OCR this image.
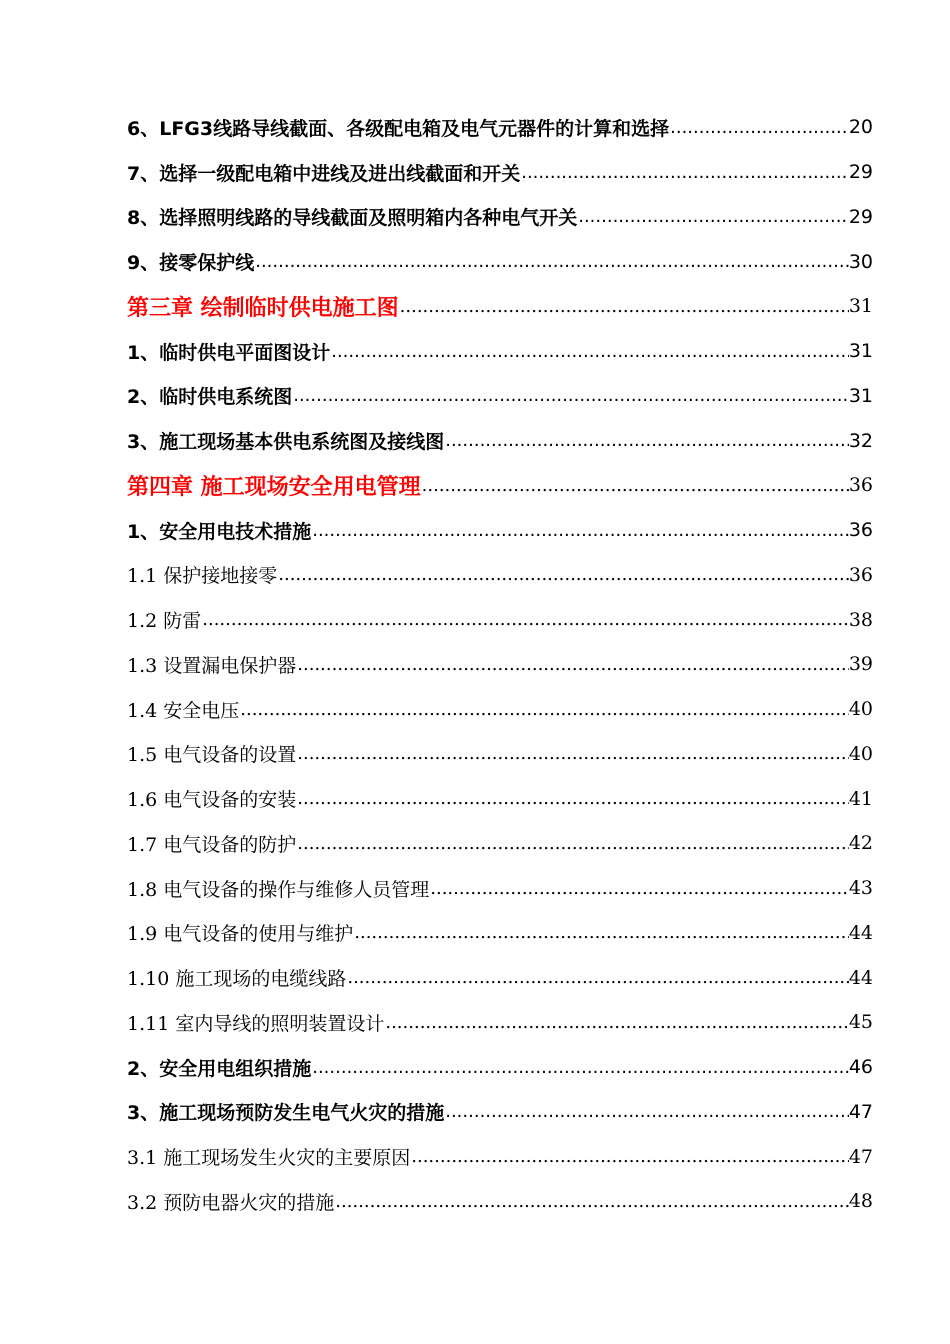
6、LFG3线路导线截面、各级配电箱及电气元器件的计算和选择 .....	20
7、选择一级配电箱中进线及进出线截面和开关 .....	29
8、选择照明线路的导线截面及照明箱内各种电气开关 .....	29
9、接零保护线 .....	30
第三章 绘制临时供电施工图 .....	31
1、临时供电平面图设计 .....	31
2、临时供电系统图 .....	31
3、施工现场基本供电系统图及接线图 .....	32
第四章 施工现场安全用电管理 .....	36
1、安全用电技术措施 .....	36
1.1 保护接地接零 .....	36
1.2 防雷 .....	38
1.3 设置漏电保护器 .....	39
1.4 安全电压 .....	40
1.5 电气设备的设置 .....	40
1.6 电气设备的安装 .....	41
1.7 电气设备的防护 .....	42
1.8 电气设备的操作与维修人员管理 .....	43
1.9 电气设备的使用与维护 .....	44
1.10 施工现场的电缆线路 .....	44
1.11 室内导线的照明装置设计 .....	45
2、安全用电组织措施 .....	46
3、施工现场预防发生电气火灾的措施 .....	47
3.1 施工现场发生火灾的主要原因 .....	47
3.2 预防电器火灾的措施 .....	48
